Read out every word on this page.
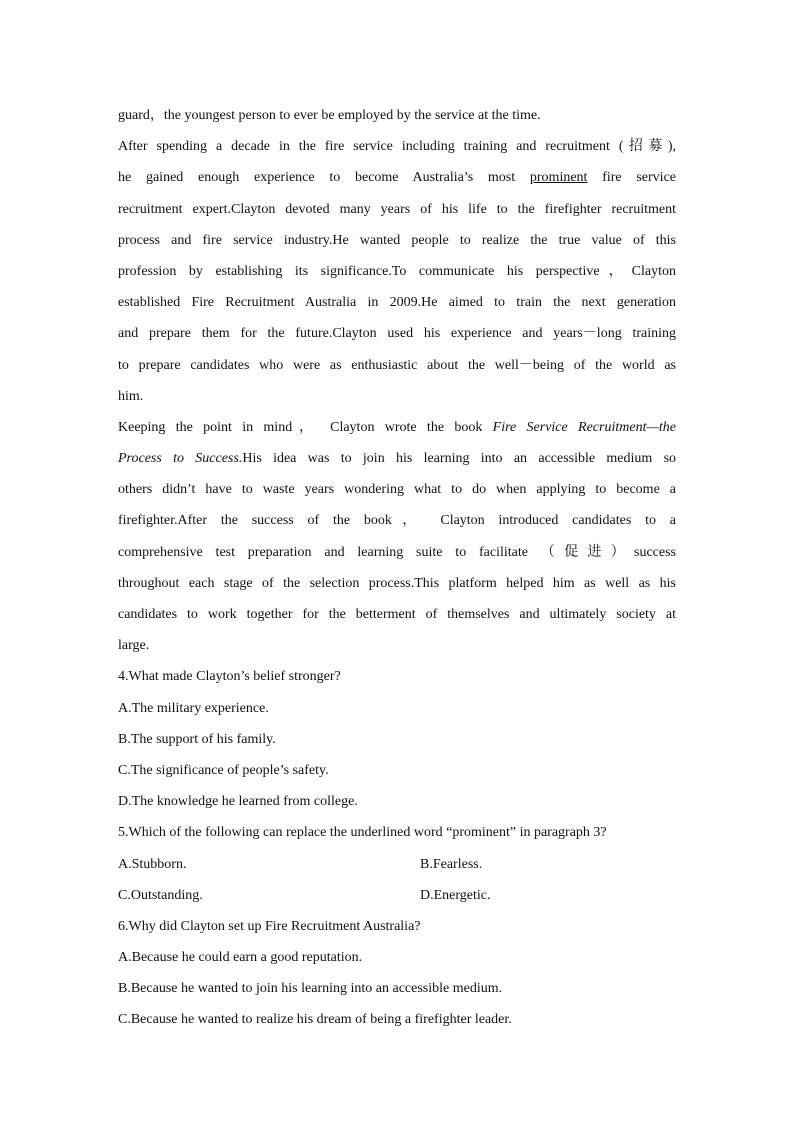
guard，the youngest person to ever be employed by the service at the time.
After spending a decade in the fire service including training and recruitment (招募),
he gained enough experience to become Australia’s most prominent fire service
recruitment expert.Clayton devoted many years of his life to the firefighter recruitment
process and fire service industry.He wanted people to realize the true value of this
profession by establishing its significance.To communicate his perspective，Clayton
established Fire Recruitment Australia in 2009.He aimed to train the next generation
and prepare them for the future.Clayton used his experience and years－long training
to prepare candidates who were as enthusiastic about the well－being of the world as
him.
Keeping the point in mind， Clayton wrote the book Fire Service Recruitment—the
Process to Success.His idea was to join his learning into an accessible medium so
others didn’t have to waste years wondering what to do when applying to become a
firefighter.After the success of the book， Clayton introduced candidates to a
comprehensive test preparation and learning suite to facilitate （促进）success
throughout each stage of the selection process.This platform helped him as well as his
candidates to work together for the betterment of themselves and ultimately society at
large.
4.What made Clayton’s belief stronger?
A.The military experience.
B.The support of his family.
C.The significance of people’s safety.
D.The knowledge he learned from college.
5.Which of the following can replace the underlined word “prominent” in paragraph 3?
A.Stubborn.	B.Fearless.
C.Outstanding.	D.Energetic.
6.Why did Clayton set up Fire Recruitment Australia?
A.Because he could earn a good reputation.
B.Because he wanted to join his learning into an accessible medium.
C.Because he wanted to realize his dream of being a firefighter leader.
